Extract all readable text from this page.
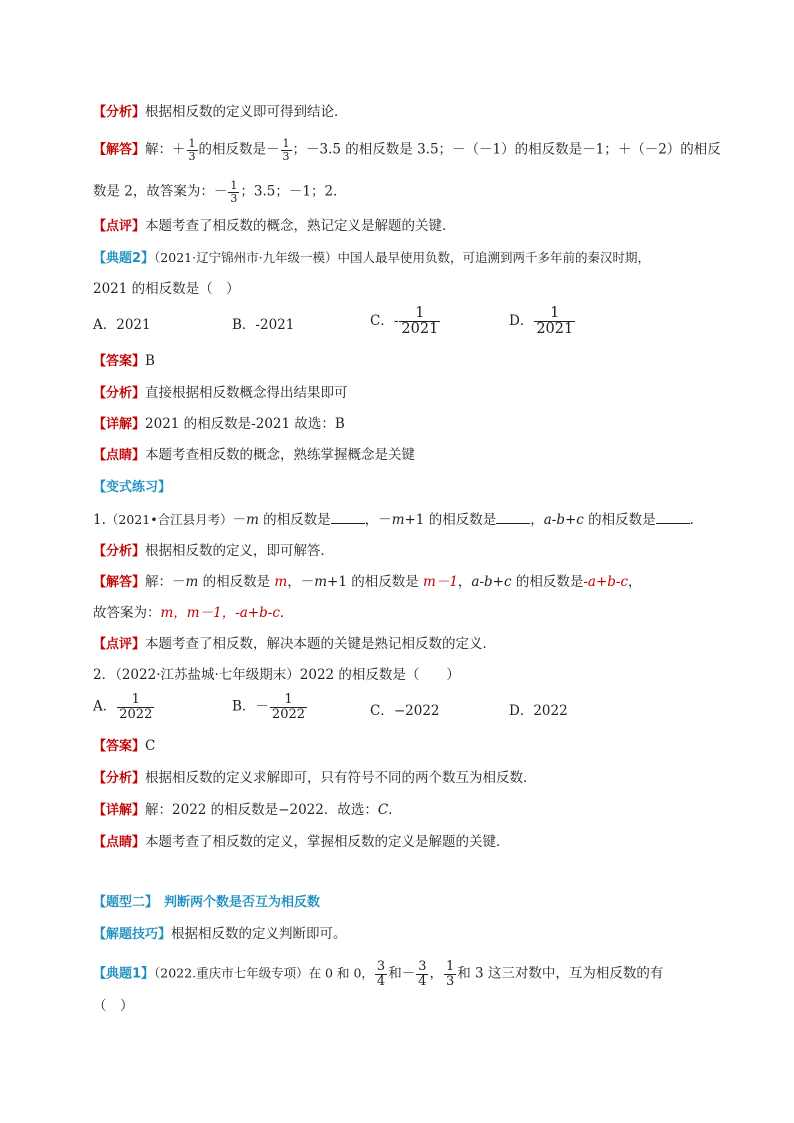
【分析】根据相反数的定义即可得到结论．
【解答】解：＋ $\frac{1}{3}$ 的相反数是－ $\frac{1}{3}$ ；－3.5 的相反数是 3.5；－（－1）的相反数是－1；＋（－2）的相反
数是 2，故答案为：－ $\frac{1}{3}$ ；3.5；－1；2．
【点评】本题考查了相反数的概念，熟记定义是解题的关键．
【典题2】（2021·辽宁锦州市·九年级一模）中国人最早使用负数，可追溯到两千多年前的秦汉时期，
2021 的相反数是（　）
A．2021	B．-2021	C．- $\frac{1}{2021}$	D． $\frac{1}{2021}$
【答案】B
【分析】直接根据相反数概念得出结果即可
【详解】2021 的相反数是-2021 故选：B
【点睛】本题考查相反数的概念，熟练掌握概念是关键
【变式练习】
1.（2021•合江县月考）－m 的相反数是	，－m+1 的相反数是	，a-b+c 的相反数是	．
【分析】根据相反数的定义，即可解答．
【解答】解：－m 的相反数是 m，－m+1 的相反数是 m－1，a-b+c 的相反数是-a+b-c，
故答案为：m，m－1，-a+b-c．
【点评】本题考查了相反数，解决本题的关键是熟记相反数的定义．
2．（2022·江苏盐城·七年级期末）2022 的相反数是（　　）
A． $\frac{1}{2022}$	B．－ $\frac{1}{2022}$	C．−2022	D．2022
【答案】C
【分析】根据相反数的定义求解即可，只有符号不同的两个数互为相反数．
【详解】解：2022 的相反数是−2022．故选：C．
【点睛】本题考查了相反数的定义，掌握相反数的定义是解题的关键．
【题型二】 判断两个数是否互为相反数
【解题技巧】根据相反数的定义判断即可。
【典题1】（2022.重庆市七年级专项）在 0 和 0， $\frac{3}{4}$ 和－ $\frac{3}{4}$ ， $\frac{1}{3}$ 和 3 这三对数中，互为相反数的有
（　）
